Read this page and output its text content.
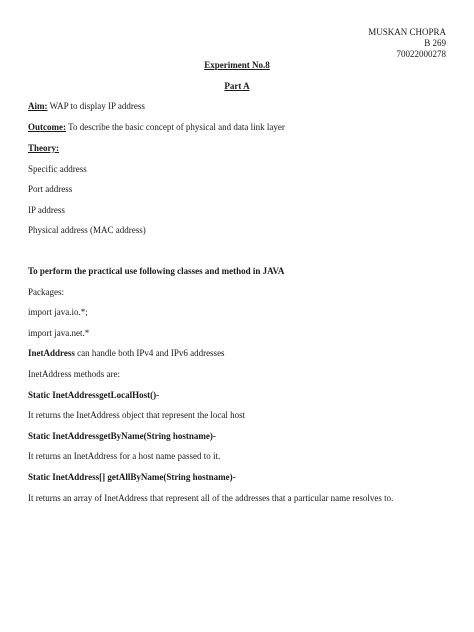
MUSKAN CHOPRA
B 269
70022000278
Experiment No.8
Part A
Aim: WAP to display IP address
Outcome: To describe the basic concept of physical and data link layer
Theory:
Specific address
Port address
IP address
Physical address (MAC address)
To perform the practical use following classes and method in JAVA
Packages:
import java.io.*;
import java.net.*
InetAddress can handle both IPv4 and IPv6 addresses
InetAddress methods are:
Static InetAddressgetLocalHost()-
It returns the InetAddress object that represent the local host
Static InetAddressgetByName(String hostname)-
It returns an InetAddress for a host name passed to it.
Static InetAddress[] getAllByName(String hostname)-
It returns an array of InetAddress that represent all of the addresses that a particular name resolves to.
